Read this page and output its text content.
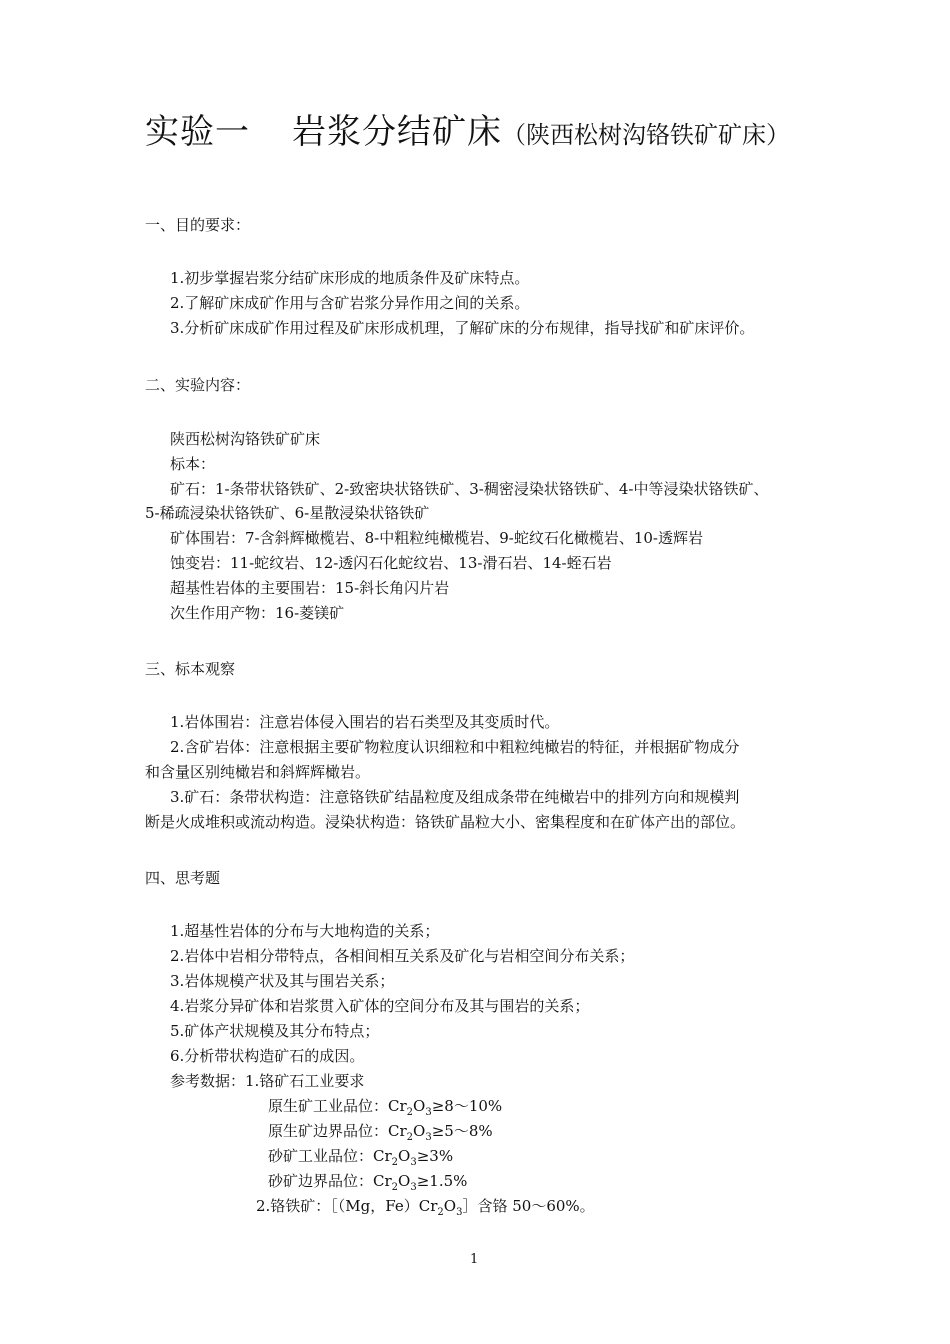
实验一 岩浆分结矿床（陕西松树沟铬铁矿矿床）
一、目的要求：
1.初步掌握岩浆分结矿床形成的地质条件及矿床特点。
2.了解矿床成矿作用与含矿岩浆分异作用之间的关系。
3.分析矿床成矿作用过程及矿床形成机理，了解矿床的分布规律，指导找矿和矿床评价。
二、实验内容：
陕西松树沟铬铁矿矿床
标本：
矿石：1-条带状铬铁矿、2-致密块状铬铁矿、3-稠密浸染状铬铁矿、4-中等浸染状铬铁矿、
5-稀疏浸染状铬铁矿、6-星散浸染状铬铁矿
矿体围岩：7-含斜辉橄榄岩、8-中粗粒纯橄榄岩、9-蛇纹石化橄榄岩、10-透辉岩
蚀变岩：11-蛇纹岩、12-透闪石化蛇纹岩、13-滑石岩、14-蛭石岩
超基性岩体的主要围岩：15-斜长角闪片岩
次生作用产物：16-菱镁矿
三、标本观察
1.岩体围岩：注意岩体侵入围岩的岩石类型及其变质时代。
2.含矿岩体：注意根据主要矿物粒度认识细粒和中粗粒纯橄岩的特征，并根据矿物成分
和含量区别纯橄岩和斜辉辉橄岩。
3.矿石：条带状构造：注意铬铁矿结晶粒度及组成条带在纯橄岩中的排列方向和规模判
断是火成堆积或流动构造。浸染状构造：铬铁矿晶粒大小、密集程度和在矿体产出的部位。
四、思考题
1.超基性岩体的分布与大地构造的关系；
2.岩体中岩相分带特点，各相间相互关系及矿化与岩相空间分布关系；
3.岩体规模产状及其与围岩关系；
4.岩浆分异矿体和岩浆贯入矿体的空间分布及其与围岩的关系；
5.矿体产状规模及其分布特点；
6.分析带状构造矿石的成因。
参考数据：1.铬矿石工业要求
原生矿工业品位：$Cr_2O_3\ge 8\sim 10\%$
原生矿边界品位：$Cr_2O_3\ge 5\sim 8\%$
砂矿工业品位：$Cr_2O_3\ge 3\%$
砂矿边界品位：$Cr_2O_3\ge 1.5\%$
2.铬铁矿：［（Mg，$Fe)Cr_2O_3]$含铬 50～60%。
1
